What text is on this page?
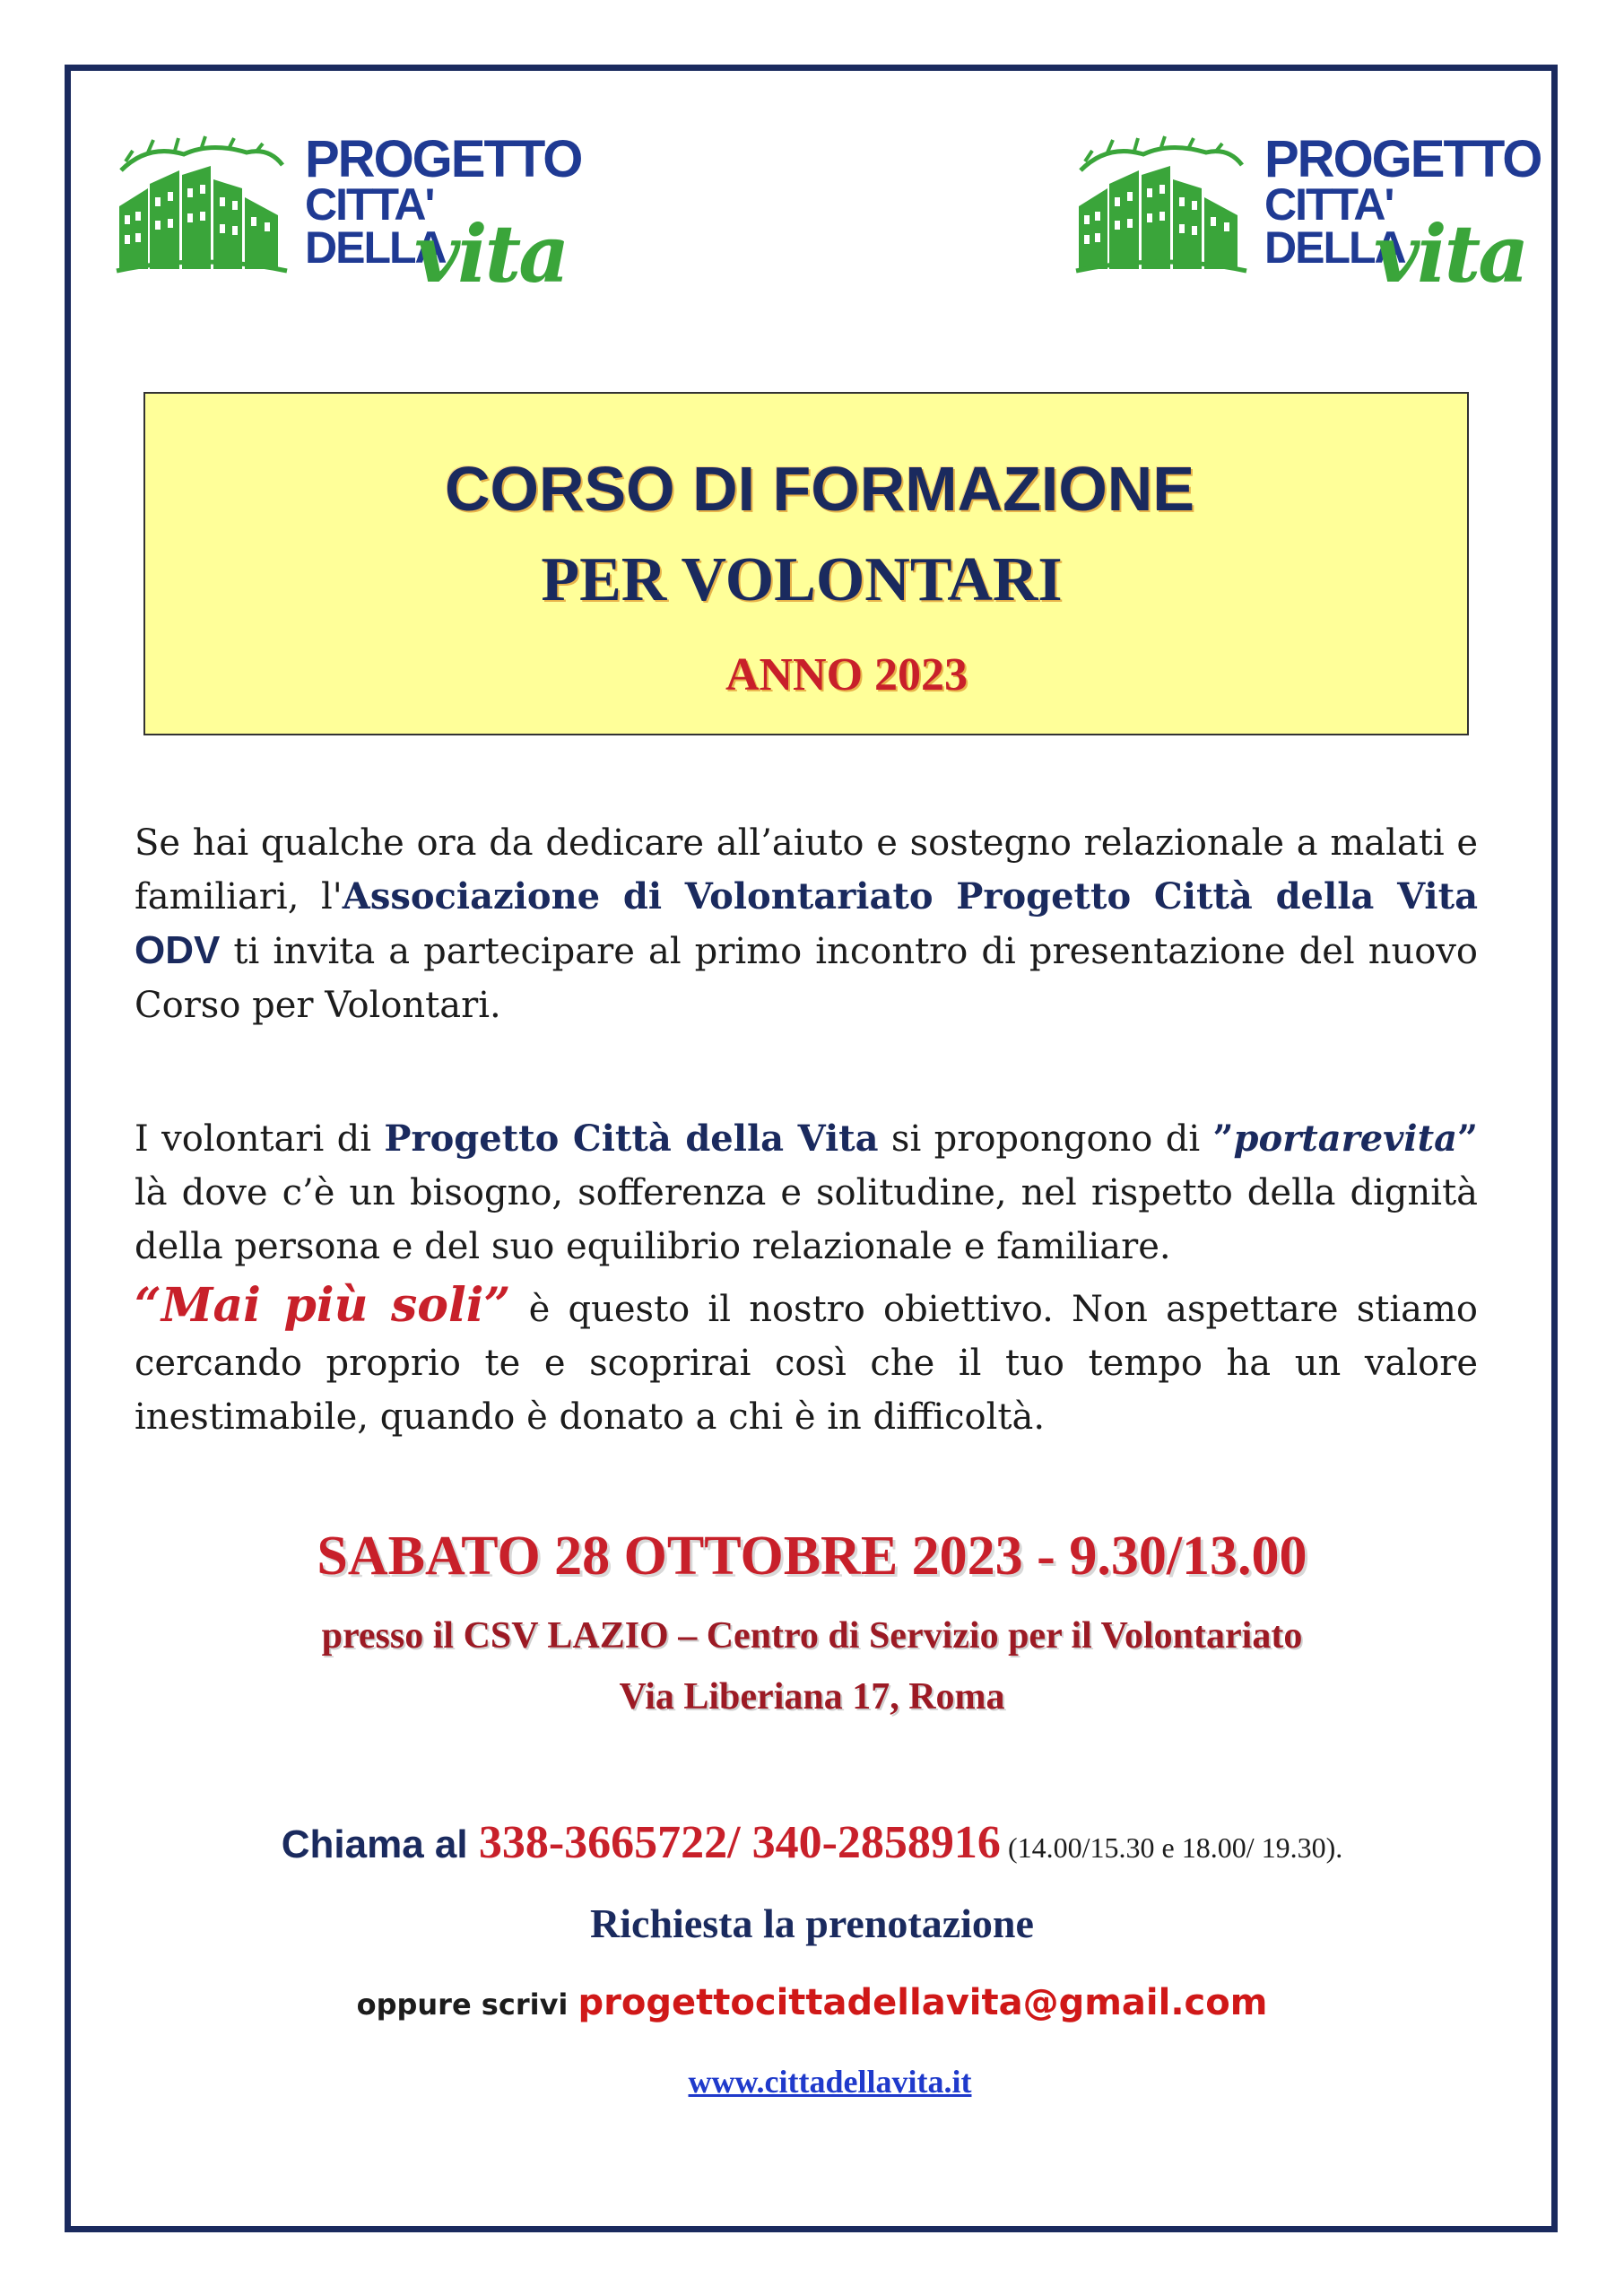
PROGETTO
CITTA'
DELLA
vita
PROGETTO
CITTA'
DELLA
vita
CORSO DI FORMAZIONE
PER VOLONTARI
ANNO 2023
Se hai qualche ora da dedicare all’aiuto e sostegno relazionale a malati e familiari, l'Associazione di Volontariato Progetto Città della Vita ODV ti invita a partecipare al primo incontro di presentazione del nuovo Corso per Volontari.
I volontari di Progetto Città della Vita si propongono di ”portarevita” là dove c’è un bisogno, sofferenza e solitudine, nel rispetto della dignità della persona e del suo equilibrio relazionale e familiare.
“Mai più soli” è questo il nostro obiettivo. Non aspettare stiamo cercando proprio te e scoprirai così che il tuo tempo ha un valore inestimabile, quando è donato a chi è in difficoltà.
SABATO 28 OTTOBRE 2023 - 9.30/13.00
presso il CSV LAZIO – Centro di Servizio per il Volontariato
Via Liberiana 17, Roma
Chiama al 338-3665722/ 340-2858916 (14.00/15.30 e 18.00/ 19.30).
Richiesta la prenotazione
oppure scrivi progettocittadellavita@gmail.com
www.cittadellavita.it
